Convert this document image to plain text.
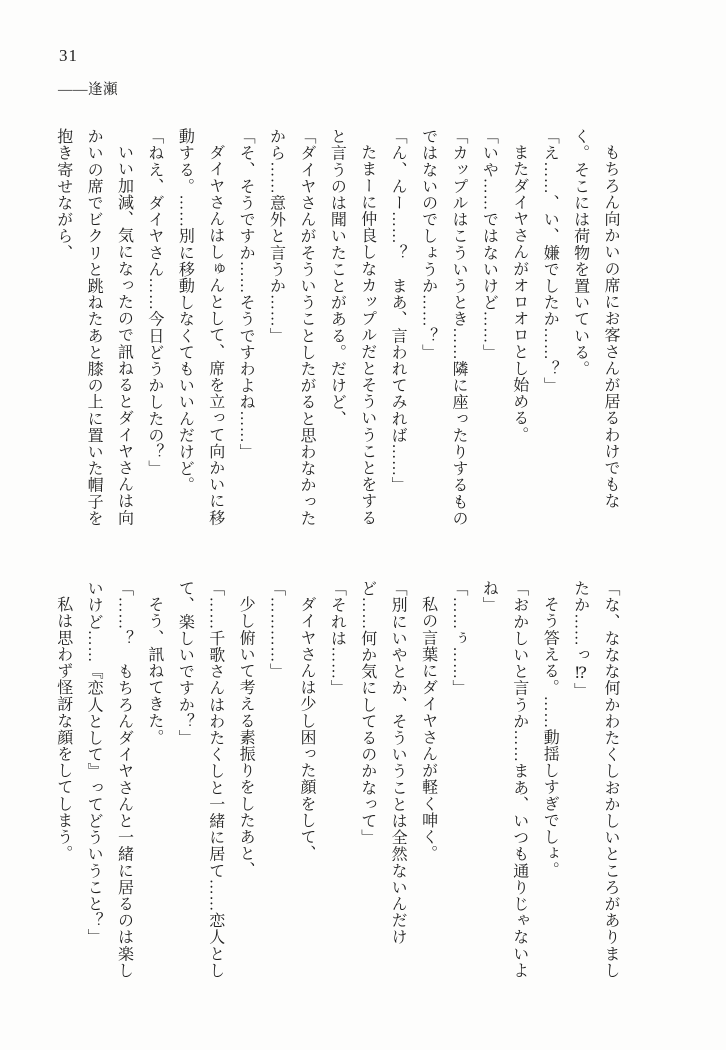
31
――逢瀬

もちろん向かいの席にお客さんが居るわけでもなく。そこには荷物を置いている。

「え……、い、嫌でしたか……？」

またダイヤさんがオロオロとし始める。

「いや……ではないけど……」

「カップルはこういうとき……隣に座ったりするものではないのでしょうか……？」

「ん、んー……？　まあ、言われてみれば……」

たまーに仲良しなカップルだとそういうことをすると言うのは聞いたことがある。だけど、

「ダイヤさんがそういうことしたがると思わなかったから……意外と言うか……」

「そ、そうですか……そうですわよね……」

ダイヤさんはしゅんとして、席を立って向かいに移動する。……別に移動しなくてもいいんだけど。

「ねえ、ダイヤさん……今日どうかしたの？」

いい加減、気になったので訊ねるとダイヤさんは向かいの席でビクリと跳ねたあと膝の上に置いた帽子を抱き寄せながら、

「な、ななな何かわたくしおかしいところがありましたか……っ⁉」

そう答える。……動揺しすぎでしょ。

「おかしいと言うか……まあ、いつも通りじゃないよね」

「……ぅ……」

私の言葉にダイヤさんが軽く呻く。

「別にいやとか、そういうことは全然ないんだけど……何か気にしてるのかなって」

「それは……」

ダイヤさんは少し困った顔をして、

「…………」

少し俯いて考える素振りをしたあと、

「……千歌さんはわたくしと一緒に居て……恋人として、楽しいですか？」

そう、訊ねてきた。

「……？　もちろんダイヤさんと一緒に居るのは楽しいけど……『恋人として』ってどういうこと？」

私は思わず怪訝な顔をしてしまう。
